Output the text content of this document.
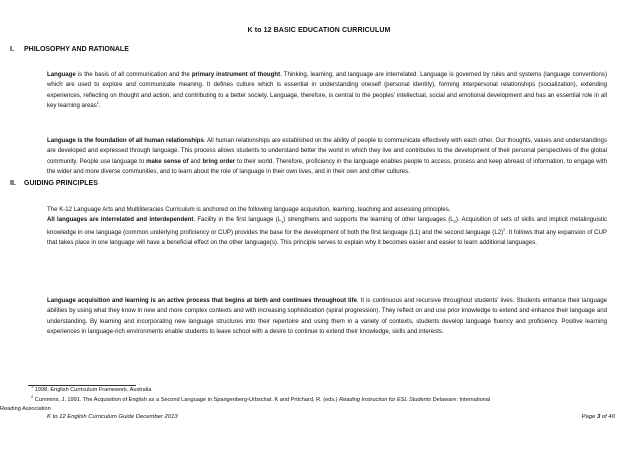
K to 12 BASIC EDUCATION CURRICULUM
I. PHILOSOPHY AND RATIONALE

Language is the basis of all communication and the primary instrument of thought. Thinking, learning, and language are interrelated. Language is governed by rules and systems (language conventions) which are used to explore and communicate meaning. It defines culture which is essential in understanding oneself (personal identity), forming interpersonal relationships (socialization), extending experiences, reflecting on thought and action, and contributing to a better society. Language, therefore, is central to the peoples' intellectual, social and emotional development and has an essential role in all key learning areas$^1$.

Language is the foundation of all human relationships. All human relationships are established on the ability of people to communicate effectively with each other. Our thoughts, values and understandings are developed and expressed through language. This process allows students to understand better the world in which they live and contributes to the development of their personal perspectives of the global community. People use language to make sense of and bring order to their world. Therefore, proficiency in the language enables people to access, process and keep abreast of information, to engage with the wider and more diverse communities, and to learn about the role of language in their own lives, and in their own and other cultures.

II. GUIDING PRINCIPLES

The K-12 Language Arts and Multiliteracies Curriculum is anchored on the following language acquisition, learning, teaching and assessing principles.
All languages are interrelated and interdependent. Facility in the first language $(L_1)$ strengthens and supports the learning of other languages $(L_2)$. Acquisition of sets of skills and implicit metalinguistic knowledge in one language (common underlying proficiency or CUP) provides the base for the development of both the first language (L1) and the second language $(L2)^2$. It follows that any expansion of CUP that takes place in one language will have a beneficial effect on the other language(s). This principle serves to explain why it becomes easier and easier to learn additional languages.

Language acquisition and learning is an active process that begins at birth and continues throughout life. It is continuous and recursive throughout students' lives. Students enhance their language abilities by using what they know in new and more complex contexts and with increasing sophistication (spiral progression). They reflect on and use prior knowledge to extend and enhance their language and understanding. By learning and incorporating new language structures into their repertoire and using them in a variety of contexts, students develop language fluency and proficiency. Positive learning experiences in language-rich environments enable students to leave school with a desire to continue to extend their knowledge, skills and interests.

$^1$ 1998. English Curriculum Framework. Australia
$^2$ Cummins, J. 1991. The Acquisition of English as a Second Language in Spangenberg-Urbschat. K and Pritchard, R. (eds.) Reading Instruction for ESL Students Delaware: International
Reading Association
K to 12 English Curriculum Guide December 2013	Page 3 of 40
